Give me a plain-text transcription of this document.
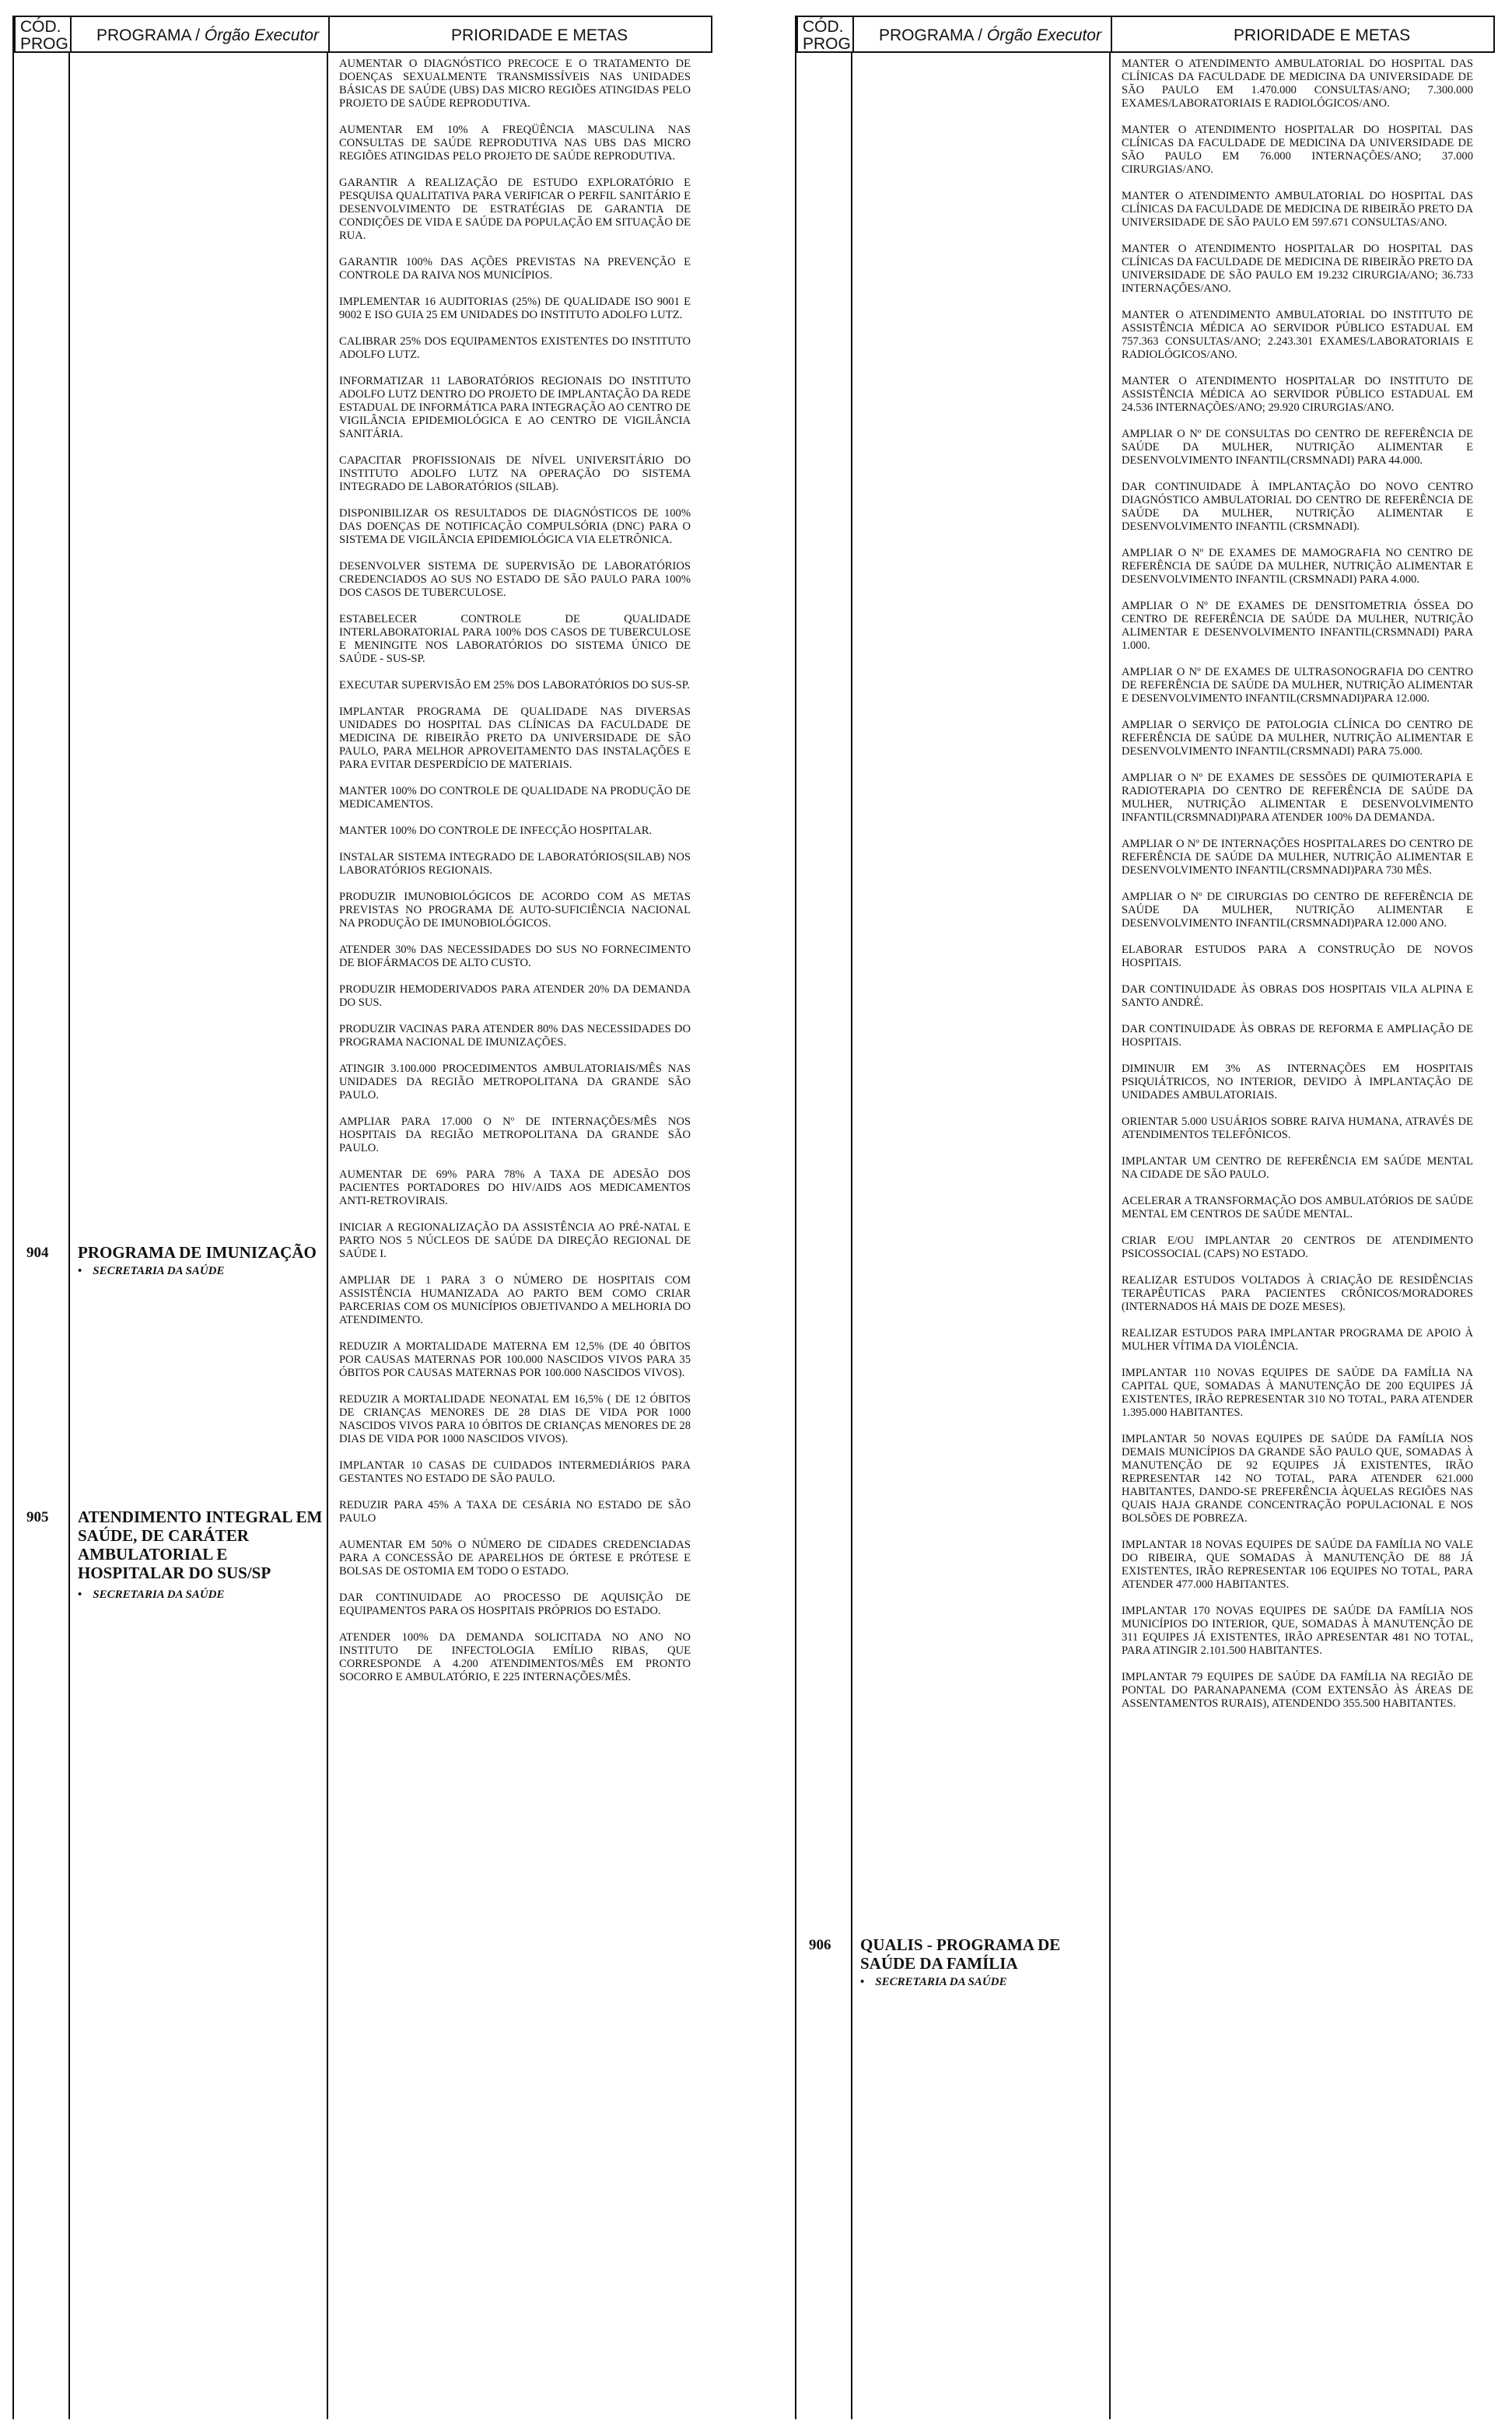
CÓD. PROG. PROGRAMA / Órgão Executor	PRIORIDADE E METAS
904 PROGRAMA DE IMUNIZAÇÃO
• SECRETARIA DA SAÚDE
905 ATENDIMENTO INTEGRAL EM SAÚDE, DE CARÁTER AMBULATORIAL E HOSPITALAR DO SUS/SP
• SECRETARIA DA SAÚDE
AUMENTAR O DIAGNÓSTICO PRECOCE E O TRATAMENTO DE DOENÇAS SEXUALMENTE TRANSMISSÍVEIS NAS UNIDADES BÁSICAS DE SAÚDE (UBS) DAS MICRO REGIÕES ATINGIDAS PELO PROJETO DE SAÚDE REPRODUTIVA.
AUMENTAR EM 10% A FREQÜÊNCIA MASCULINA NAS CONSULTAS DE SAÚDE REPRODUTIVA NAS UBS DAS MICRO REGIÕES ATINGIDAS PELO PROJETO DE SAÚDE REPRODUTIVA.
GARANTIR A REALIZAÇÃO DE ESTUDO EXPLORATÓRIO E PESQUISA QUALITATIVA PARA VERIFICAR O PERFIL SANITÁRIO E DESENVOLVIMENTO DE ESTRATÉGIAS DE GARANTIA DE CONDIÇÕES DE VIDA E SAÚDE DA POPULAÇÃO EM SITUAÇÃO DE RUA.
GARANTIR 100% DAS AÇÕES PREVISTAS NA PREVENÇÃO E CONTROLE DA RAIVA NOS MUNICÍPIOS.
IMPLEMENTAR 16 AUDITORIAS (25%) DE QUALIDADE ISO 9001 E 9002 E ISO GUIA 25 EM UNIDADES DO INSTITUTO ADOLFO LUTZ.
CALIBRAR 25% DOS EQUIPAMENTOS EXISTENTES DO INSTITUTO ADOLFO LUTZ.
INFORMATIZAR 11 LABORATÓRIOS REGIONAIS DO INSTITUTO ADOLFO LUTZ DENTRO DO PROJETO DE IMPLANTAÇÃO DA REDE ESTADUAL DE INFORMÁTICA PARA INTEGRAÇÃO AO CENTRO DE VIGILÂNCIA EPIDEMIOLÓGICA E AO CENTRO DE VIGILÂNCIA SANITÁRIA.
CAPACITAR PROFISSIONAIS DE NÍVEL UNIVERSITÁRIO DO INSTITUTO ADOLFO LUTZ NA OPERAÇÃO DO SISTEMA INTEGRADO DE LABORATÓRIOS (SILAB).
DISPONIBILIZAR OS RESULTADOS DE DIAGNÓSTICOS DE 100% DAS DOENÇAS DE NOTIFICAÇÃO COMPULSÓRIA (DNC) PARA O SISTEMA DE VIGILÂNCIA EPIDEMIOLÓGICA VIA ELETRÔNICA.
DESENVOLVER SISTEMA DE SUPERVISÃO DE LABORATÓRIOS CREDENCIADOS AO SUS NO ESTADO DE SÃO PAULO PARA 100% DOS CASOS DE TUBERCULOSE.
ESTABELECER CONTROLE DE QUALIDADE INTERLABORATORIAL PARA 100% DOS CASOS DE TUBERCULOSE E MENINGITE NOS LABORATÓRIOS DO SISTEMA ÚNICO DE SAÚDE - SUS-SP.
EXECUTAR SUPERVISÃO EM 25% DOS LABORATÓRIOS DO SUS-SP.
IMPLANTAR PROGRAMA DE QUALIDADE NAS DIVERSAS UNIDADES DO HOSPITAL DAS CLÍNICAS DA FACULDADE DE MEDICINA DE RIBEIRÃO PRETO DA UNIVERSIDADE DE SÃO PAULO, PARA MELHOR APROVEITAMENTO DAS INSTALAÇÕES E PARA EVITAR DESPERDÍCIO DE MATERIAIS.
MANTER 100% DO CONTROLE DE QUALIDADE NA PRODUÇÃO DE MEDICAMENTOS.
MANTER 100% DO CONTROLE DE INFECÇÃO HOSPITALAR.
INSTALAR SISTEMA INTEGRADO DE LABORATÓRIOS(SILAB) NOS LABORATÓRIOS REGIONAIS.
PRODUZIR IMUNOBIOLÓGICOS DE ACORDO COM AS METAS PREVISTAS NO PROGRAMA DE AUTO-SUFICIÊNCIA NACIONAL NA PRODUÇÃO DE IMUNOBIOLÓGICOS.
ATENDER 30% DAS NECESSIDADES DO SUS NO FORNECIMENTO DE BIOFÁRMACOS DE ALTO CUSTO.
PRODUZIR HEMODERIVADOS PARA ATENDER 20% DA DEMANDA DO SUS.
PRODUZIR VACINAS PARA ATENDER 80% DAS NECESSIDADES DO PROGRAMA NACIONAL DE IMUNIZAÇÕES.
ATINGIR 3.100.000 PROCEDIMENTOS AMBULATORIAIS/MÊS NAS UNIDADES DA REGIÃO METROPOLITANA DA GRANDE SÃO PAULO.
AMPLIAR PARA 17.000 O Nº DE INTERNAÇÕES/MÊS NOS HOSPITAIS DA REGIÃO METROPOLITANA DA GRANDE SÃO PAULO.
AUMENTAR DE 69% PARA 78% A TAXA DE ADESÃO DOS PACIENTES PORTADORES DO HIV/AIDS AOS MEDICAMENTOS ANTI-RETROVIRAIS.
INICIAR A REGIONALIZAÇÃO DA ASSISTÊNCIA AO PRÉ-NATAL E PARTO NOS 5 NÚCLEOS DE SAÚDE DA DIREÇÃO REGIONAL DE SAÚDE I.
AMPLIAR DE 1 PARA 3 O NÚMERO DE HOSPITAIS COM ASSISTÊNCIA HUMANIZADA AO PARTO BEM COMO CRIAR PARCERIAS COM OS MUNICÍPIOS OBJETIVANDO A MELHORIA DO ATENDIMENTO.
REDUZIR A MORTALIDADE MATERNA EM 12,5% (DE 40 ÓBITOS POR CAUSAS MATERNAS POR 100.000 NASCIDOS VIVOS PARA 35 ÓBITOS POR CAUSAS MATERNAS POR 100.000 NASCIDOS VIVOS).
REDUZIR A MORTALIDADE NEONATAL EM 16,5% ( DE 12 ÓBITOS DE CRIANÇAS MENORES DE 28 DIAS DE VIDA POR 1000 NASCIDOS VIVOS PARA 10 ÓBITOS DE CRIANÇAS MENORES DE 28 DIAS DE VIDA POR 1000 NASCIDOS VIVOS).
IMPLANTAR 10 CASAS DE CUIDADOS INTERMEDIÁRIOS PARA GESTANTES NO ESTADO DE SÃO PAULO.
REDUZIR PARA 45% A TAXA DE CESÁRIA NO ESTADO DE SÃO PAULO
AUMENTAR EM 50% O NÚMERO DE CIDADES CREDENCIADAS PARA A CONCESSÃO DE APARELHOS DE ÓRTESE E PRÓTESE E BOLSAS DE OSTOMIA EM TODO O ESTADO.
DAR CONTINUIDADE AO PROCESSO DE AQUISIÇÃO DE EQUIPAMENTOS PARA OS HOSPITAIS PRÓPRIOS DO ESTADO.
ATENDER 100% DA DEMANDA SOLICITADA NO ANO NO INSTITUTO DE INFECTOLOGIA EMÍLIO RIBAS, QUE CORRESPONDE A 4.200 ATENDIMENTOS/MÊS EM PRONTO SOCORRO E AMBULATÓRIO, E 225 INTERNAÇÕES/MÊS.
CÓD. PROG. PROGRAMA / Órgão Executor	PRIORIDADE E METAS
906 QUALIS - PROGRAMA DE SAÚDE DA FAMÍLIA
• SECRETARIA DA SAÚDE
MANTER O ATENDIMENTO AMBULATORIAL DO HOSPITAL DAS CLÍNICAS DA FACULDADE DE MEDICINA DA UNIVERSIDADE DE SÃO PAULO EM 1.470.000 CONSULTAS/ANO; 7.300.000 EXAMES/LABORATORIAIS E RADIOLÓGICOS/ANO.
MANTER O ATENDIMENTO HOSPITALAR DO HOSPITAL DAS CLÍNICAS DA FACULDADE DE MEDICINA DA UNIVERSIDADE DE SÃO PAULO EM 76.000 INTERNAÇÕES/ANO; 37.000 CIRURGIAS/ANO.
MANTER O ATENDIMENTO AMBULATORIAL DO HOSPITAL DAS CLÍNICAS DA FACULDADE DE MEDICINA DE RIBEIRÃO PRETO DA UNIVERSIDADE DE SÃO PAULO EM 597.671 CONSULTAS/ANO.
MANTER O ATENDIMENTO HOSPITALAR DO HOSPITAL DAS CLÍNICAS DA FACULDADE DE MEDICINA DE RIBEIRÃO PRETO DA UNIVERSIDADE DE SÃO PAULO EM 19.232 CIRURGIA/ANO; 36.733 INTERNAÇÕES/ANO.
MANTER O ATENDIMENTO AMBULATORIAL DO INSTITUTO DE ASSISTÊNCIA MÉDICA AO SERVIDOR PÚBLICO ESTADUAL EM 757.363 CONSULTAS/ANO; 2.243.301 EXAMES/LABORATORIAIS E RADIOLÓGICOS/ANO.
MANTER O ATENDIMENTO HOSPITALAR DO INSTITUTO DE ASSISTÊNCIA MÉDICA AO SERVIDOR PÚBLICO ESTADUAL EM 24.536 INTERNAÇÕES/ANO; 29.920 CIRURGIAS/ANO.
AMPLIAR O Nº DE CONSULTAS DO CENTRO DE REFERÊNCIA DE SAÚDE DA MULHER, NUTRIÇÃO ALIMENTAR E DESENVOLVIMENTO INFANTIL(CRSMNADI) PARA 44.000.
DAR CONTINUIDADE À IMPLANTAÇÃO DO NOVO CENTRO DIAGNÓSTICO AMBULATORIAL DO CENTRO DE REFERÊNCIA DE SAÚDE DA MULHER, NUTRIÇÃO ALIMENTAR E DESENVOLVIMENTO INFANTIL (CRSMNADI).
AMPLIAR O Nº DE EXAMES DE MAMOGRAFIA NO CENTRO DE REFERÊNCIA DE SAÚDE DA MULHER, NUTRIÇÃO ALIMENTAR E DESENVOLVIMENTO INFANTIL (CRSMNADI) PARA 4.000.
AMPLIAR O Nº DE EXAMES DE DENSITOMETRIA ÓSSEA DO CENTRO DE REFERÊNCIA DE SAÚDE DA MULHER, NUTRIÇÃO ALIMENTAR E DESENVOLVIMENTO INFANTIL(CRSMNADI) PARA 1.000.
AMPLIAR O Nº DE EXAMES DE ULTRASONOGRAFIA DO CENTRO DE REFERÊNCIA DE SAÚDE DA MULHER, NUTRIÇÃO ALIMENTAR E DESENVOLVIMENTO INFANTIL(CRSMNADI)PARA 12.000.
AMPLIAR O SERVIÇO DE PATOLOGIA CLÍNICA DO CENTRO DE REFERÊNCIA DE SAÚDE DA MULHER, NUTRIÇÃO ALIMENTAR E DESENVOLVIMENTO INFANTIL(CRSMNADI) PARA 75.000.
AMPLIAR O Nº DE EXAMES DE SESSÕES DE QUIMIOTERAPIA E RADIOTERAPIA DO CENTRO DE REFERÊNCIA DE SAÚDE DA MULHER, NUTRIÇÃO ALIMENTAR E DESENVOLVIMENTO INFANTIL(CRSMNADI)PARA ATENDER 100% DA DEMANDA.
AMPLIAR O Nº DE INTERNAÇÕES HOSPITALARES DO CENTRO DE REFERÊNCIA DE SAÚDE DA MULHER, NUTRIÇÃO ALIMENTAR E DESENVOLVIMENTO INFANTIL(CRSMNADI)PARA 730 MÊS.
AMPLIAR O Nº DE CIRURGIAS DO CENTRO DE REFERÊNCIA DE SAÚDE DA MULHER, NUTRIÇÃO ALIMENTAR E DESENVOLVIMENTO INFANTIL(CRSMNADI)PARA 12.000 ANO.
ELABORAR ESTUDOS PARA A CONSTRUÇÃO DE NOVOS HOSPITAIS.
DAR CONTINUIDADE ÀS OBRAS DOS HOSPITAIS VILA ALPINA E SANTO ANDRÉ.
DAR CONTINUIDADE ÀS OBRAS DE REFORMA E AMPLIAÇÃO DE HOSPITAIS.
DIMINUIR EM 3% AS INTERNAÇÕES EM HOSPITAIS PSIQUIÁTRICOS, NO INTERIOR, DEVIDO À IMPLANTAÇÃO DE UNIDADES AMBULATORIAIS.
ORIENTAR 5.000 USUÁRIOS SOBRE RAIVA HUMANA, ATRAVÉS DE ATENDIMENTOS TELEFÔNICOS.
IMPLANTAR UM CENTRO DE REFERÊNCIA EM SAÚDE MENTAL NA CIDADE DE SÃO PAULO.
ACELERAR A TRANSFORMAÇÃO DOS AMBULATÓRIOS DE SAÚDE MENTAL EM CENTROS DE SAÚDE MENTAL.
CRIAR E/OU IMPLANTAR 20 CENTROS DE ATENDIMENTO PSICOSSOCIAL (CAPS) NO ESTADO.
REALIZAR ESTUDOS VOLTADOS À CRIAÇÃO DE RESIDÊNCIAS TERAPÊUTICAS PARA PACIENTES CRÔNICOS/MORADORES (INTERNADOS HÁ MAIS DE DOZE MESES).
REALIZAR ESTUDOS PARA IMPLANTAR PROGRAMA DE APOIO À MULHER VÍTIMA DA VIOLÊNCIA.
IMPLANTAR 110 NOVAS EQUIPES DE SAÚDE DA FAMÍLIA NA CAPITAL QUE, SOMADAS À MANUTENÇÃO DE 200 EQUIPES JÁ EXISTENTES, IRÃO REPRESENTAR 310 NO TOTAL, PARA ATENDER 1.395.000 HABITANTES.
IMPLANTAR 50 NOVAS EQUIPES DE SAÚDE DA FAMÍLIA NOS DEMAIS MUNICÍPIOS DA GRANDE SÃO PAULO QUE, SOMADAS À MANUTENÇÃO DE 92 EQUIPES JÁ EXISTENTES, IRÃO REPRESENTAR 142 NO TOTAL, PARA ATENDER 621.000 HABITANTES, DANDO-SE PREFERÊNCIA ÀQUELAS REGIÕES NAS QUAIS HAJA GRANDE CONCENTRAÇÃO POPULACIONAL E NOS BOLSÕES DE POBREZA.
IMPLANTAR 18 NOVAS EQUIPES DE SAÚDE DA FAMÍLIA NO VALE DO RIBEIRA, QUE SOMADAS À MANUTENÇÃO DE 88 JÁ EXISTENTES, IRÃO REPRESENTAR 106 EQUIPES NO TOTAL, PARA ATENDER 477.000 HABITANTES.
IMPLANTAR 170 NOVAS EQUIPES DE SAÚDE DA FAMÍLIA NOS MUNICÍPIOS DO INTERIOR, QUE, SOMADAS À MANUTENÇÃO DE 311 EQUIPES JÁ EXISTENTES, IRÃO APRESENTAR 481 NO TOTAL, PARA ATINGIR 2.101.500 HABITANTES.
IMPLANTAR 79 EQUIPES DE SAÚDE DA FAMÍLIA NA REGIÃO DE PONTAL DO PARANAPANEMA (COM EXTENSÃO ÀS ÁREAS DE ASSENTAMENTOS RURAIS), ATENDENDO 355.500 HABITANTES.
